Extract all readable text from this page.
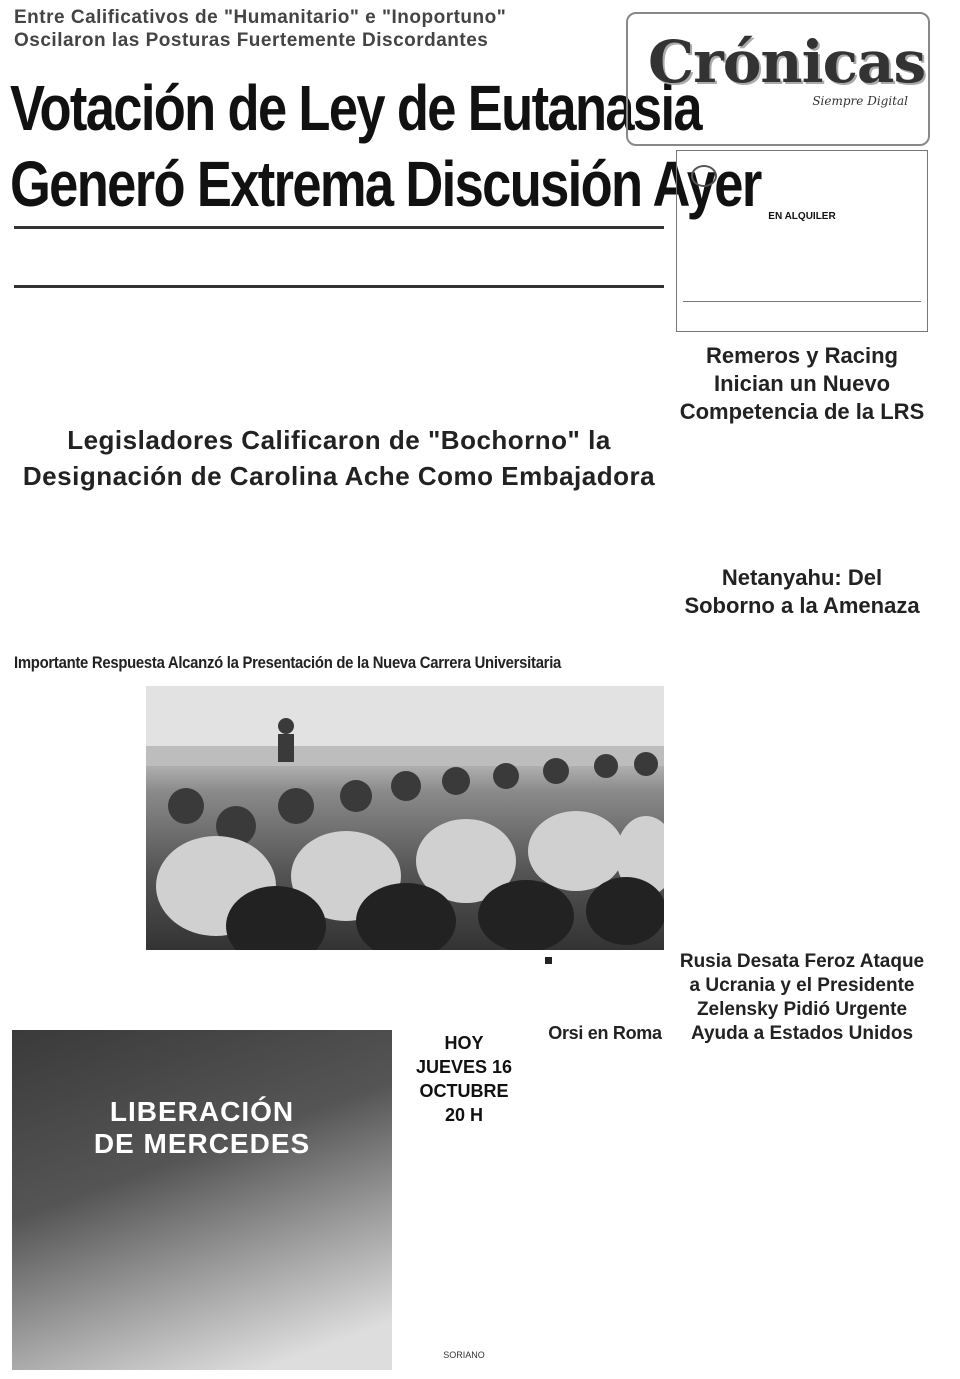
Entre Calificativos de "Humanitario" e "Inoportuno"
Oscilaron las Posturas Fuertemente Discordantes
Votación de Ley de Eutanasia
Generó Extrema Discusión Ayer
Crónicas
Siempre Digital
EN ALQUILER
Legisladores Calificaron de "Bochorno" la
Designación de Carolina Ache Como Embajadora
Importante Respuesta Alcanzó la Presentación de la Nueva Carrera Universitaria
Remeros y Racing Inician un Nuevo Competencia de la LRS
Netanyahu: Del Soborno a la Amenaza
Rusia Desata Feroz Ataque a Ucrania y el Presidente Zelensky Pidió Urgente Ayuda a Estados Unidos
LIBERACIÓN
DE MERCEDES
HOY
JUEVES 16
OCTUBRE
20 H
SORIANO
Orsi en Roma
